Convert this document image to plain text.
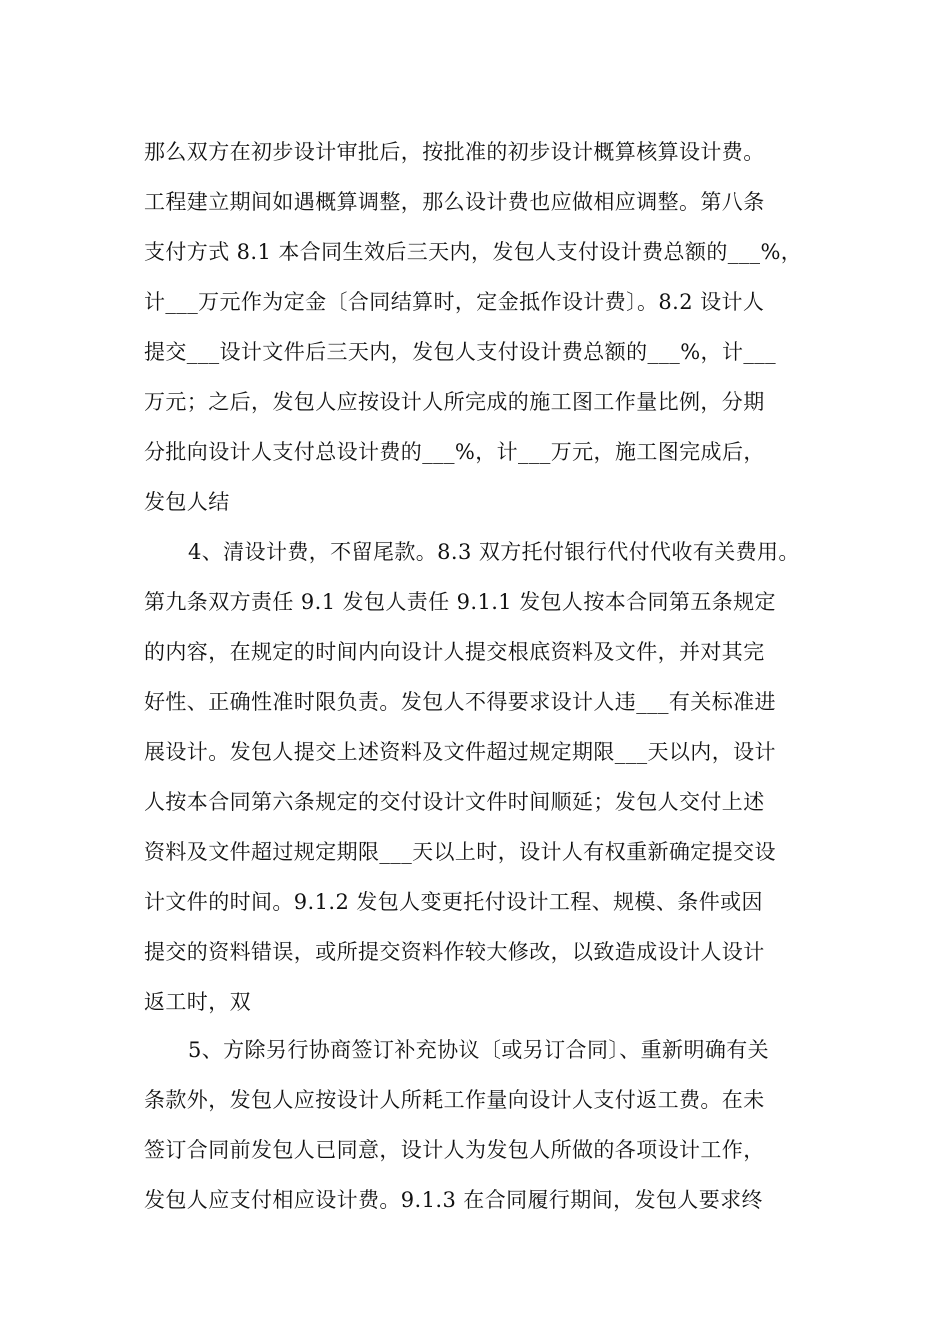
那么双方在初步设计审批后，按批准的初步设计概算核算设计费。
工程建立期间如遇概算调整，那么设计费也应做相应调整。第八条
支付方式 8.1 本合同生效后三天内，发包人支付设计费总额的___%，
计___万元作为定金〔合同结算时，定金抵作设计费〕。8.2 设计人
提交___设计文件后三天内，发包人支付设计费总额的___%，计___
万元；之后，发包人应按设计人所完成的施工图工作量比例，分期
分批向设计人支付总设计费的___%，计___万元，施工图完成后，
发包人结
4、清设计费，不留尾款。8.3 双方托付银行代付代收有关费用。
第九条双方责任 9.1 发包人责任 9.1.1 发包人按本合同第五条规定
的内容，在规定的时间内向设计人提交根底资料及文件，并对其完
好性、正确性准时限负责。发包人不得要求设计人违___有关标准进
展设计。发包人提交上述资料及文件超过规定期限___天以内，设计
人按本合同第六条规定的交付设计文件时间顺延；发包人交付上述
资料及文件超过规定期限___天以上时，设计人有权重新确定提交设
计文件的时间。9.1.2 发包人变更托付设计工程、规模、条件或因
提交的资料错误，或所提交资料作较大修改，以致造成设计人设计
返工时，双
5、方除另行协商签订补充协议〔或另订合同〕、重新明确有关
条款外，发包人应按设计人所耗工作量向设计人支付返工费。在未
签订合同前发包人已同意，设计人为发包人所做的各项设计工作，
发包人应支付相应设计费。9.1.3 在合同履行期间，发包人要求终
